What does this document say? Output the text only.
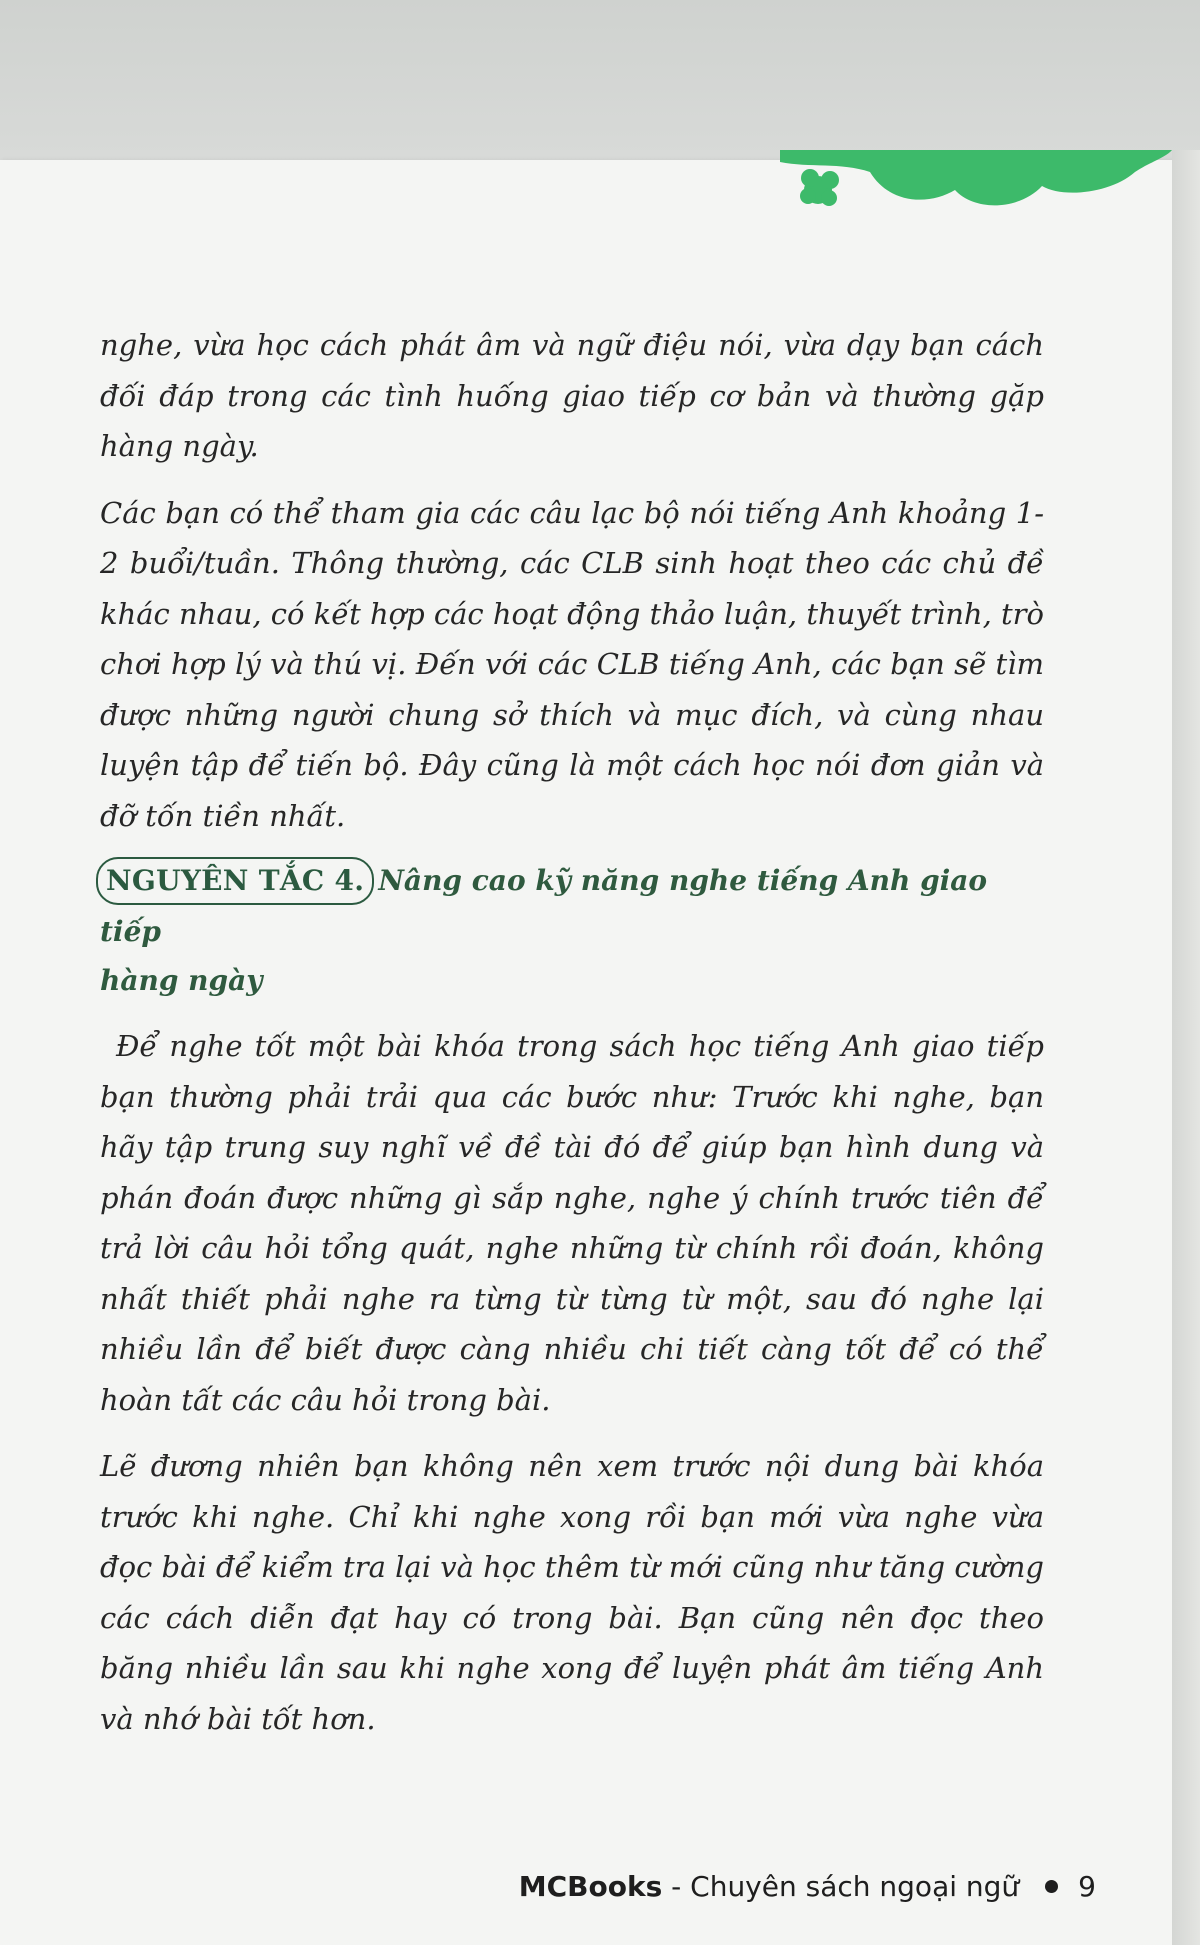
nghe, vừa học cách phát âm và ngữ điệu nói, vừa dạy bạn cách đối đáp trong các tình huống giao tiếp cơ bản và thường gặp hàng ngày.

Các bạn có thể tham gia các câu lạc bộ nói tiếng Anh khoảng 1-2 buổi/tuần. Thông thường, các CLB sinh hoạt theo các chủ đề khác nhau, có kết hợp các hoạt động thảo luận, thuyết trình, trò chơi hợp lý và thú vị. Đến với các CLB tiếng Anh, các bạn sẽ tìm được những người chung sở thích và mục đích, và cùng nhau luyện tập để tiến bộ. Đây cũng là một cách học nói đơn giản và đỡ tốn tiền nhất.

NGUYÊN TẮC 4. Nâng cao kỹ năng nghe tiếng Anh giao tiếp
hàng ngày

Để nghe tốt một bài khóa trong sách học tiếng Anh giao tiếp bạn thường phải trải qua các bước như: Trước khi nghe, bạn hãy tập trung suy nghĩ về đề tài đó để giúp bạn hình dung và phán đoán được những gì sắp nghe, nghe ý chính trước tiên để trả lời câu hỏi tổng quát, nghe những từ chính rồi đoán, không nhất thiết phải nghe ra từng từ từng từ một, sau đó nghe lại nhiều lần để biết được càng nhiều chi tiết càng tốt để có thể hoàn tất các câu hỏi trong bài.

Lẽ đương nhiên bạn không nên xem trước nội dung bài khóa trước khi nghe. Chỉ khi nghe xong rồi bạn mới vừa nghe vừa đọc bài để kiểm tra lại và học thêm từ mới cũng như tăng cường các cách diễn đạt hay có trong bài. Bạn cũng nên đọc theo băng nhiều lần sau khi nghe xong để luyện phát âm tiếng Anh và nhớ bài tốt hơn.

MCBooks - Chuyên sách ngoại ngữ 9
